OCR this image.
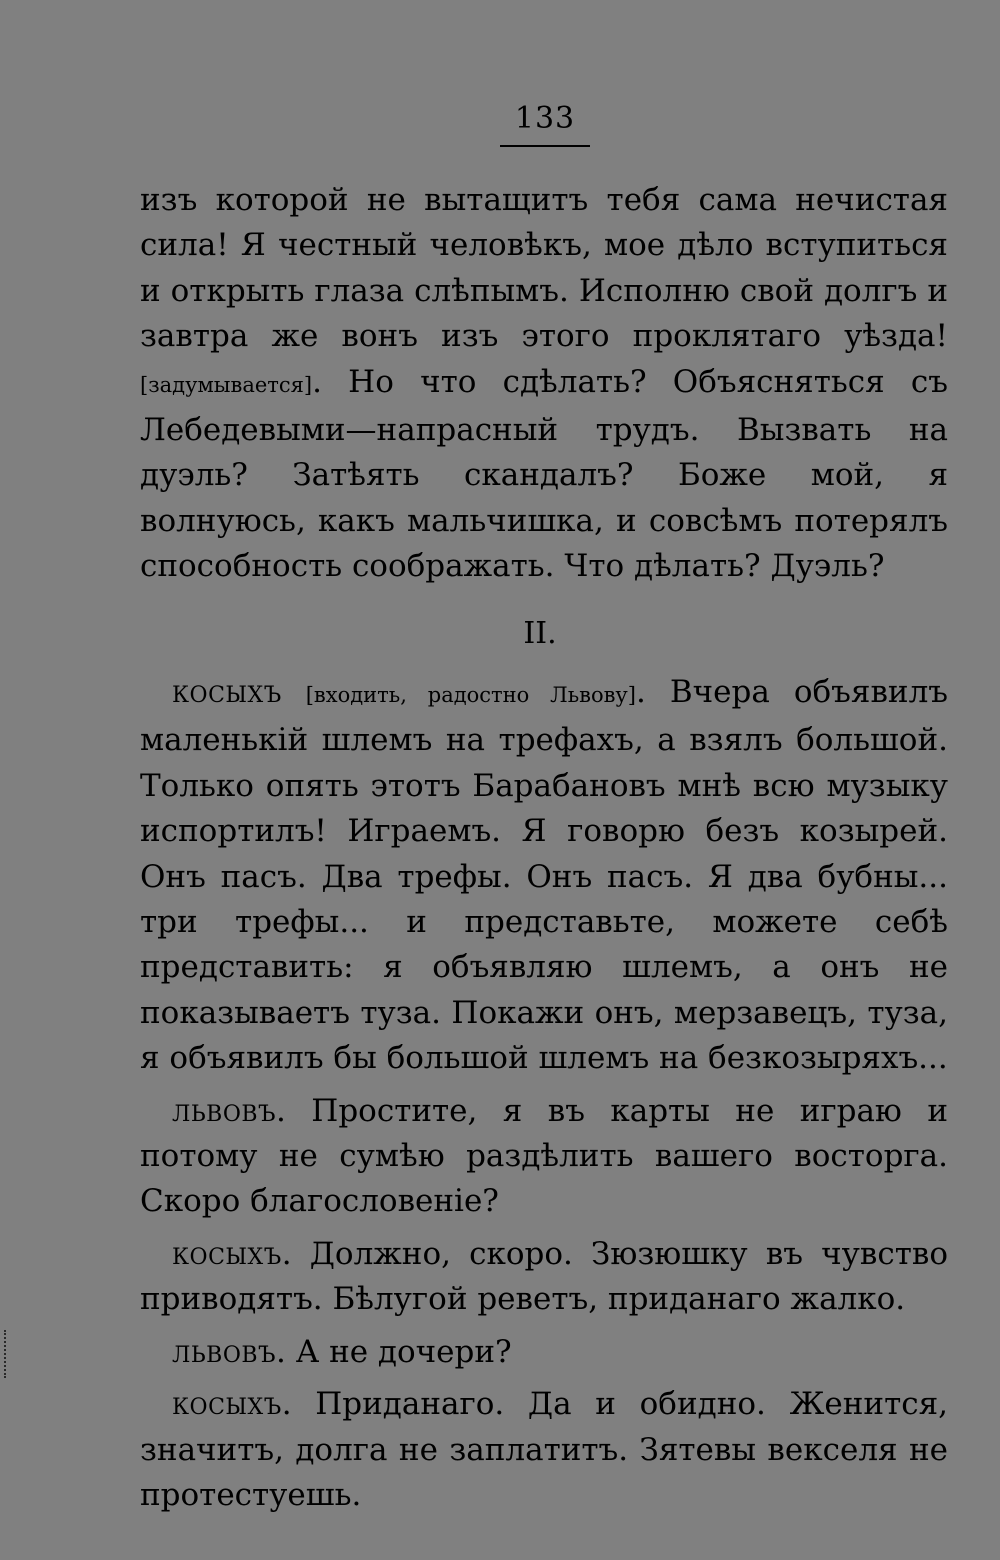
133

изъ которой не вытащитъ тебя сама нечистая сила! Я честный человѣкъ, мое дѣло вступиться и открыть глаза слѣпымъ. Исполню свой долгъ и завтра же вонъ изъ этого проклятаго уѣзда! [задумывается]. Но что сдѣлать? Объясняться съ Лебедевыми—напрасный трудъ. Вызвать на дуэль? Затѣять скандалъ? Боже мой, я волнуюсь, какъ мальчишка, и совсѣмъ потерялъ способность соображать. Что дѣлать? Дуэль?

II.

косыхъ [входить, радостно Львову]. Вчера объявилъ маленькій шлемъ на трефахъ, а взялъ большой. Только опять этотъ Барабановъ мнѣ всю музыку испортилъ! Играемъ. Я говорю безъ козырей. Онъ пасъ. Два трефы. Онъ пасъ. Я два бубны... три трефы... и представьте, можете себѣ представить: я объявляю шлемъ, а онъ не показываетъ туза. Покажи онъ, мерзавецъ, туза, я объявилъ бы большой шлемъ на безкозыряхъ...

львовъ. Простите, я въ карты не играю и потому не сумѣю раздѣлить вашего восторга. Скоро благословеніе?

косыхъ. Должно, скоро. Зюзюшку въ чувство приводятъ. Бѣлугой реветъ, приданаго жалко.

львовъ. А не дочери?

косыхъ. Приданаго. Да и обидно. Женится, значитъ, долга не заплатитъ. Зятевы векселя не протестуешь.
